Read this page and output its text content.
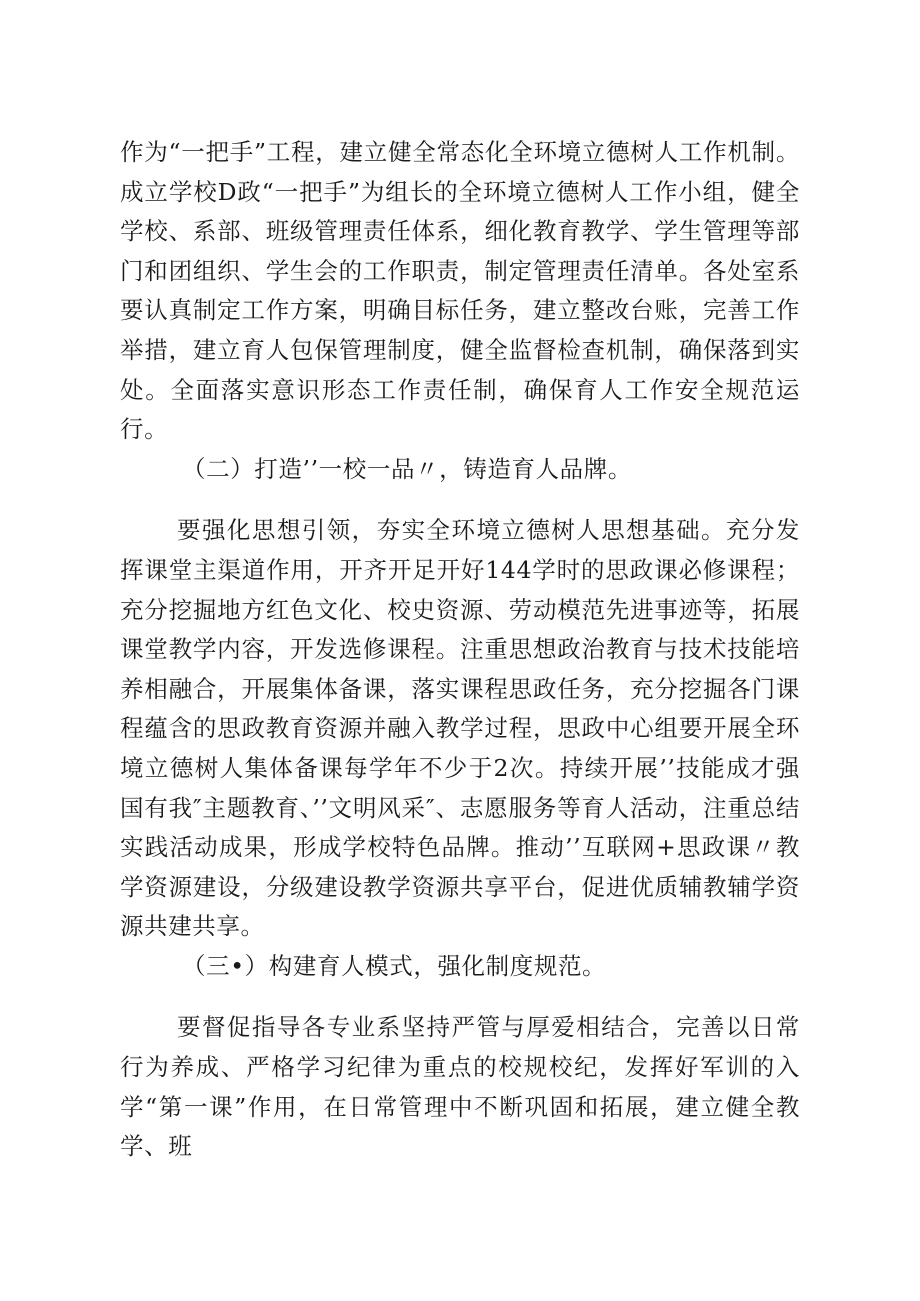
作为“一把手”工程，建立健全常态化全环境立德树人工作机制。成立学校D政“一把手”为组长的全环境立德树人工作小组，健全学校、系部、班级管理责任体系，细化教育教学、学生管理等部门和团组织、学生会的工作职责，制定管理责任清单。各处室系要认真制定工作方案，明确目标任务，建立整改台账，完善工作举措，建立育人包保管理制度，健全监督检查机制，确保落到实处。全面落实意识形态工作责任制，确保育人工作安全规范运行。

（二）打造’’一校一品〃，铸造育人品牌。

要强化思想引领，夯实全环境立德树人思想基础。充分发挥课堂主渠道作用，开齐开足开好144学时的思政课必修课程；充分挖掘地方红色文化、校史资源、劳动模范先进事迹等，拓展课堂教学内容，开发选修课程。注重思想政治教育与技术技能培养相融合，开展集体备课，落实课程思政任务，充分挖掘各门课程蕴含的思政教育资源并融入教学过程，思政中心组要开展全环境立德树人集体备课每学年不少于2次。持续开展’’技能成才强国有我″主题教育、’’文明风采″、志愿服务等育人活动，注重总结实践活动成果，形成学校特色品牌。推动’’互联网+思政课〃教学资源建设，分级建设教学资源共享平台，促进优质辅教辅学资源共建共享。

（三•）构建育人模式，强化制度规范。

要督促指导各专业系坚持严管与厚爱相结合，完善以日常行为养成、严格学习纪律为重点的校规校纪，发挥好军训的入学“第一课”作用，在日常管理中不断巩固和拓展，建立健全教学、班
